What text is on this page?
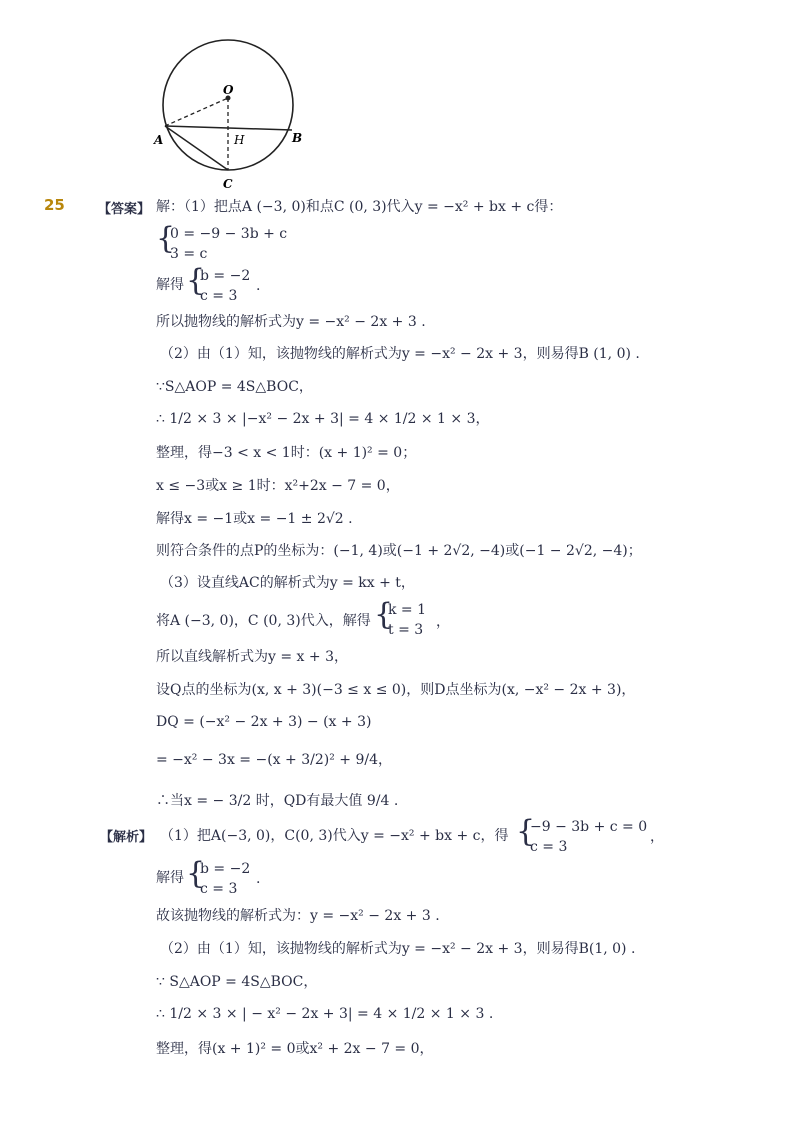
O
A	B
H
C
25	【答案】
【解析】
解：（1）把点A (−3, 0)和点C (0, 3)代入y = −x² + bx + c得：
{
0 = −9 − 3b + c
3 = c
解得 {
b = −2
c = 3
.
所以抛物线的解析式为y = −x² − 2x + 3 .
（2）由（1）知，该抛物线的解析式为y = −x² − 2x + 3，则易得B (1, 0) .
∵S△AOP = 4S△BOC，
∴ 1/2 × 3 × |−x² − 2x + 3| = 4 × 1/2 × 1 × 3，
整理，得−3 < x < 1时：(x + 1)² = 0；
x ≤ −3或x ≥ 1时：x²+2x − 7 = 0，
解得x = −1或x = −1 ± 2√2 .
则符合条件的点P的坐标为：(−1, 4)或(−1 + 2√2, −4)或(−1 − 2√2, −4)；
（3）设直线AC的解析式为y = kx + t，
将A (−3, 0)，C (0, 3)代入，解得 {
k = 1
t = 3 ，
所以直线解析式为y = x + 3，
设Q点的坐标为(x, x + 3)(−3 ≤ x ≤ 0)，则D点坐标为(x, −x² − 2x + 3)，
DQ = (−x² − 2x + 3) − (x + 3)
= −x² − 3x = −(x + 3/2)² + 9/4，
∴当x = − 3/2 时，QD有最大值 9/4 .
（1）把A(−3, 0)，C(0, 3)代入y = −x² + bx + c，得 {
−9 − 3b + c = 0
c = 3
，
解得 {
b = −2
c = 3
.
故该抛物线的解析式为：y = −x² − 2x + 3 .
（2）由（1）知，该抛物线的解析式为y = −x² − 2x + 3，则易得B(1, 0) .
∵ S△AOP = 4S△BOC，
∴ 1/2 × 3 × | − x² − 2x + 3| = 4 × 1/2 × 1 × 3 .
整理，得(x + 1)² = 0或x² + 2x − 7 = 0，
